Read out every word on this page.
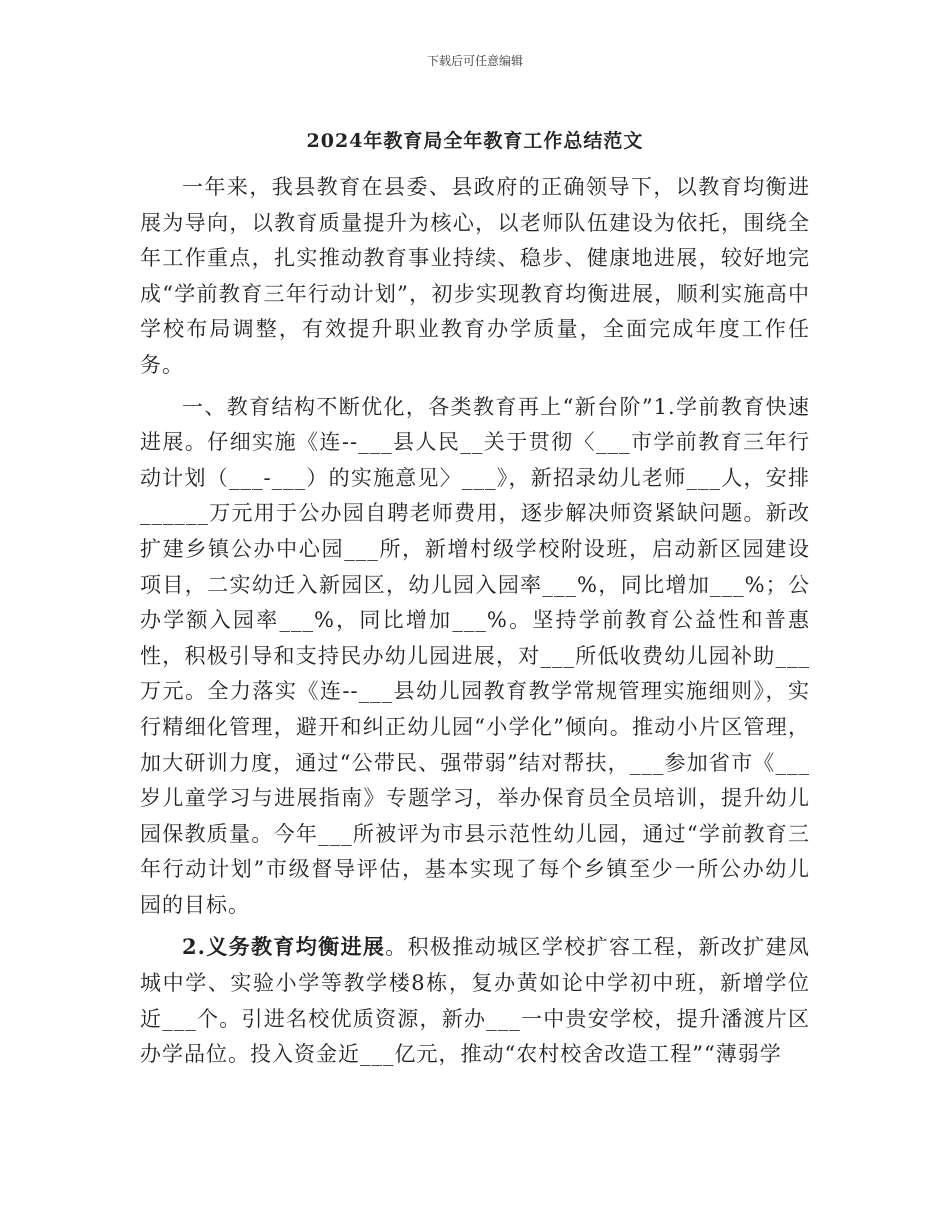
下载后可任意编辑
2024年教育局全年教育工作总结范文

一年来，我县教育在县委、县政府的正确领导下，以教育均衡进展为导向，以教育质量提升为核心，以老师队伍建设为依托，围绕全年工作重点，扎实推动教育事业持续、稳步、健康地进展，较好地完成“学前教育三年行动计划”，初步实现教育均衡进展，顺利实施高中学校布局调整，有效提升职业教育办学质量，全面完成年度工作任务。

一、教育结构不断优化，各类教育再上“新台阶”1.学前教育快速进展。仔细实施《连--___县人民__关于贯彻〈___市学前教育三年行动计划（___-___）的实施意见〉___》，新招录幼儿老师___人，安排______万元用于公办园自聘老师费用，逐步解决师资紧缺问题。新改扩建乡镇公办中心园___所，新增村级学校附设班，启动新区园建设项目，二实幼迁入新园区，幼儿园入园率___%，同比增加___%；公办学额入园率___%，同比增加___%。坚持学前教育公益性和普惠性，积极引导和支持民办幼儿园进展，对___所低收费幼儿园补助___万元。全力落实《连--___县幼儿园教育教学常规管理实施细则》，实行精细化管理，避开和纠正幼儿园“小学化”倾向。推动小片区管理，加大研训力度，通过“公带民、强带弱”结对帮扶，___参加省市《___岁儿童学习与进展指南》专题学习，举办保育员全员培训，提升幼儿园保教质量。今年___所被评为市县示范性幼儿园，通过“学前教育三年行动计划”市级督导评估，基本实现了每个乡镇至少一所公办幼儿园的目标。

2.义务教育均衡进展。积极推动城区学校扩容工程，新改扩建凤城中学、实验小学等教学楼8栋，复办黄如论中学初中班，新增学位近___个。引进名校优质资源，新办___一中贵安学校，提升潘渡片区办学品位。投入资金近___亿元，推动“农村校舍改造工程”“薄弱学
